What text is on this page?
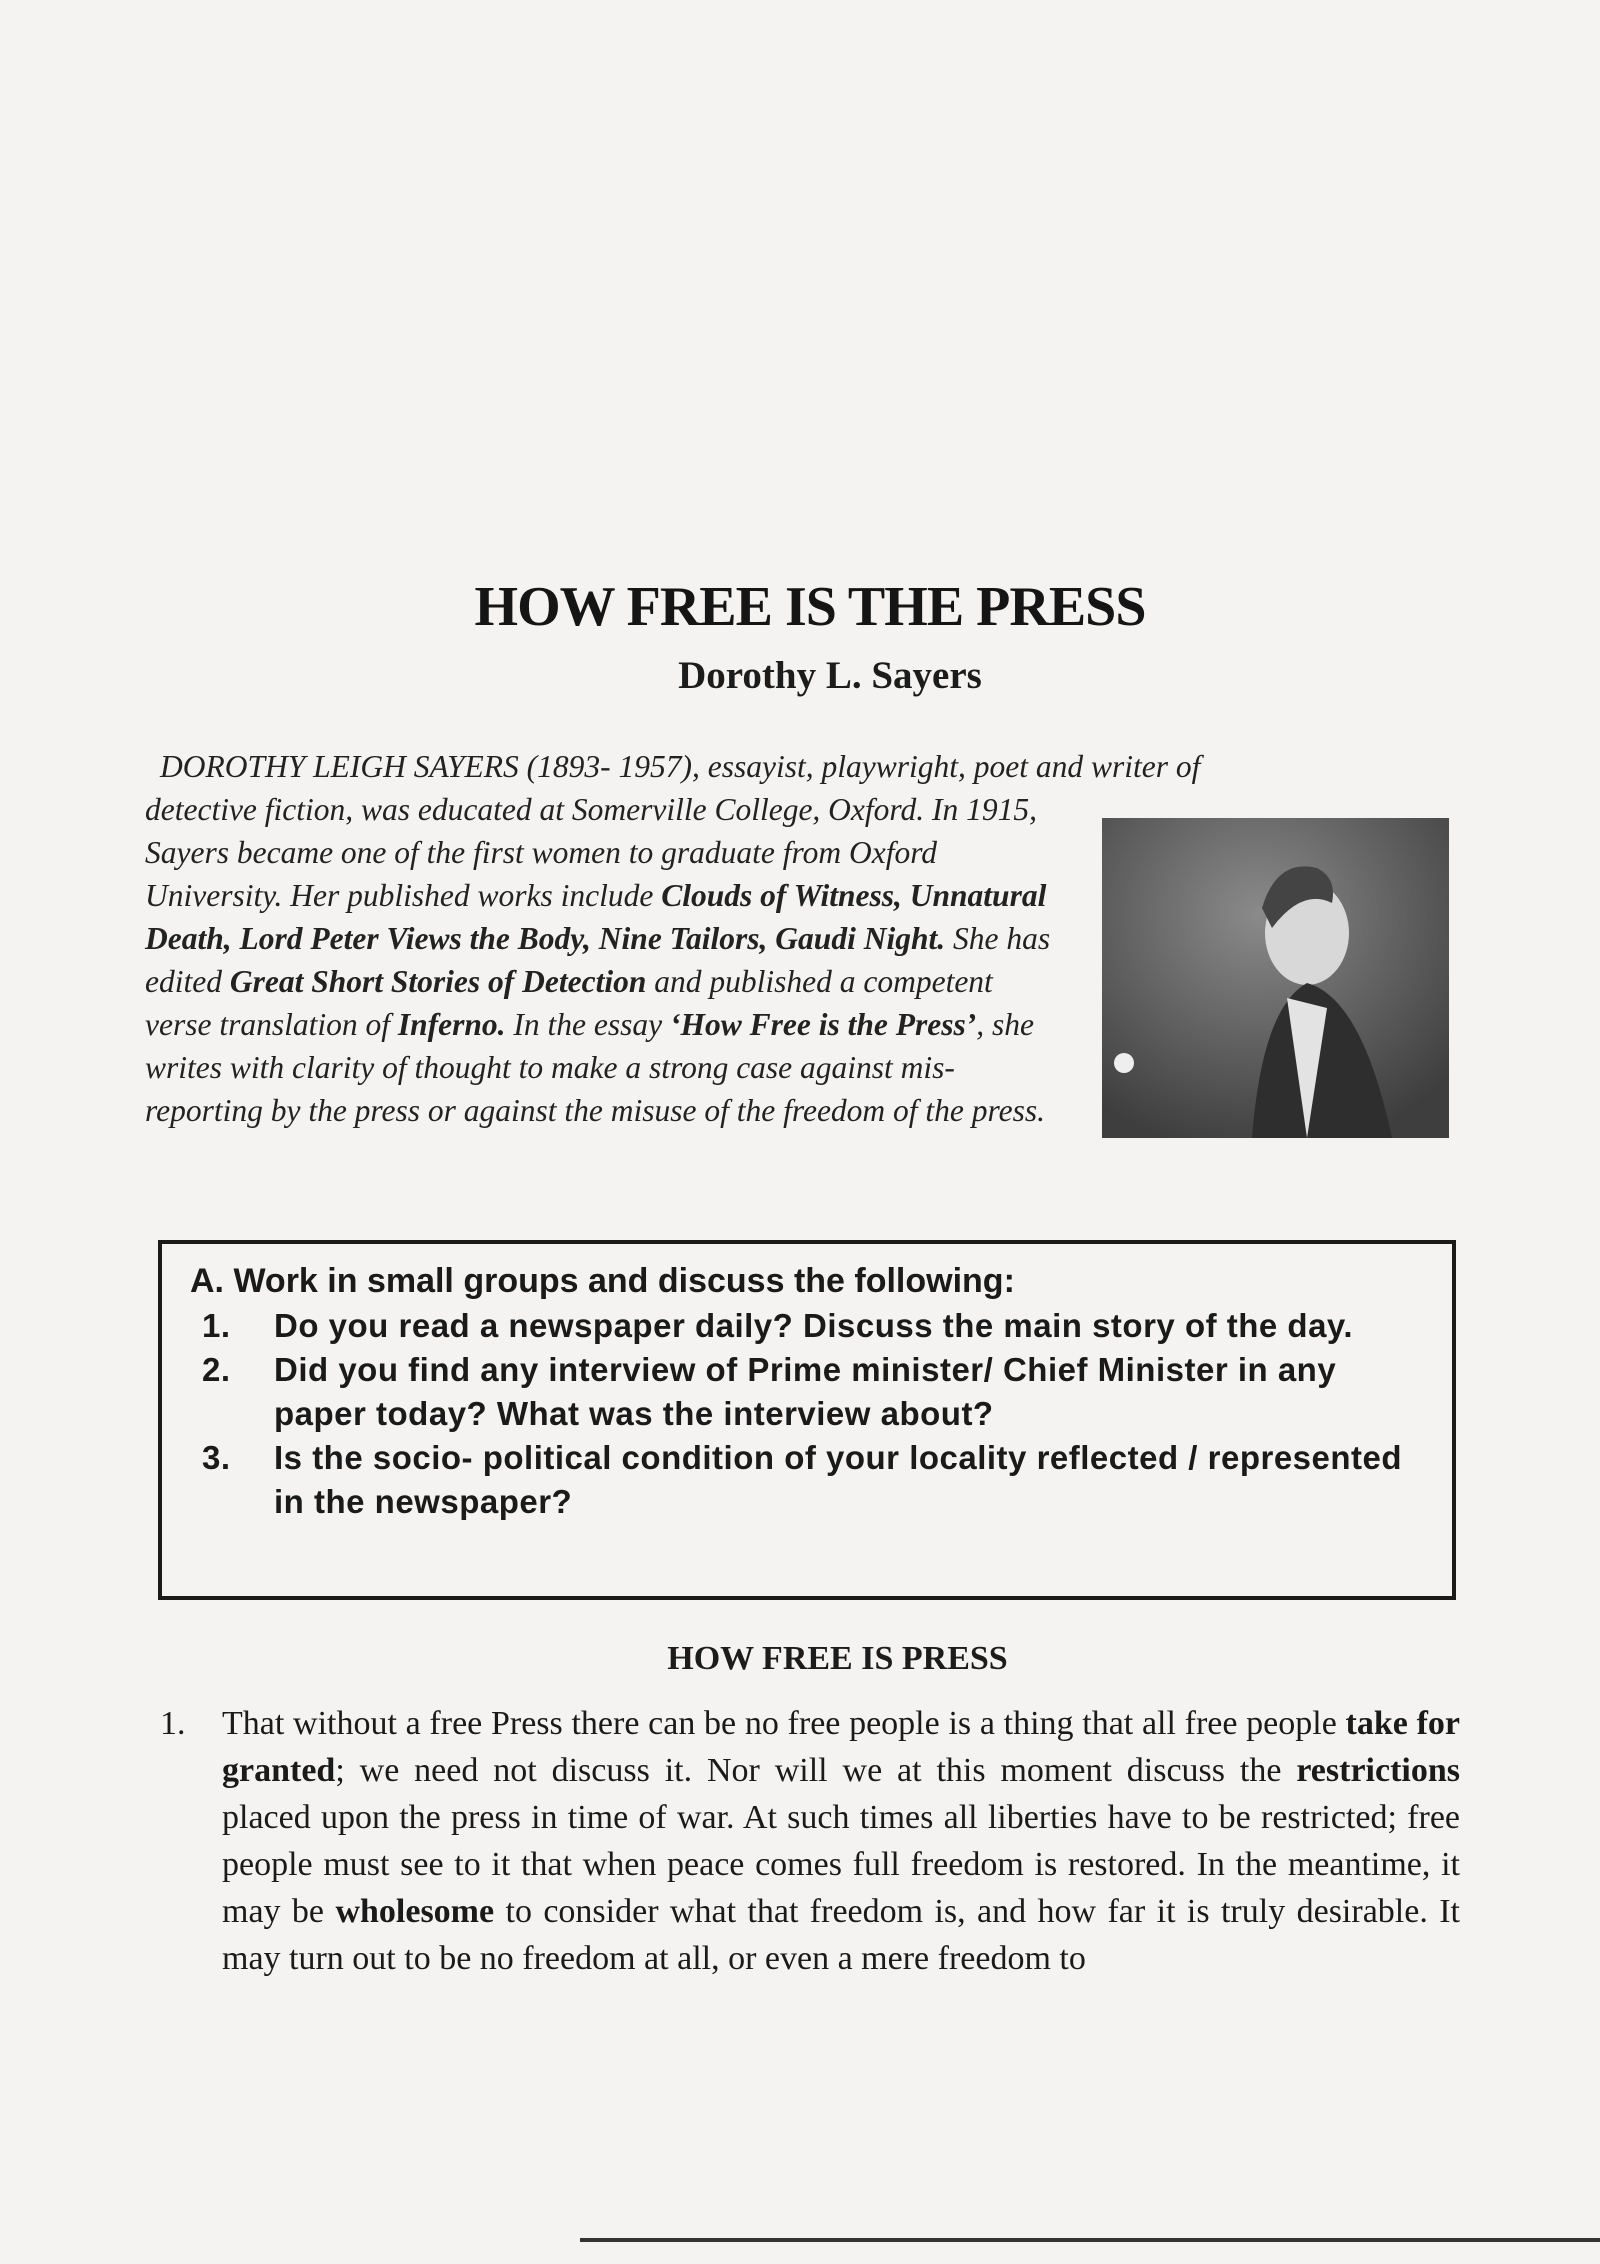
HOW FREE IS THE PRESS
Dorothy L. Sayers
DOROTHY LEIGH SAYERS (1893- 1957), essayist, playwright, poet and writer of
detective fiction, was educated at Somerville College, Oxford. In 1915, Sayers became one of the first women to graduate from Oxford University. Her published works include Clouds of Witness, Unnatural Death, Lord Peter Views the Body, Nine Tailors, Gaudi Night. She has edited Great Short Stories of Detection and published a competent verse translation of Inferno. In the essay ‘How Free is the Press’, she writes with clarity of thought to make a strong case against mis-reporting by the press or against the misuse of the freedom of the press.
A. Work in small groups and discuss the following:
1.	Do you read a newspaper daily? Discuss the main story of the day.
2.	Did you find any interview of Prime minister/ Chief Minister in any paper today? What was the interview about?
3.	Is the socio- political condition of your locality reflected / represented in the newspaper?
HOW FREE IS PRESS
1.	That without a free Press there can be no free people is a thing that all free people take for granted; we need not discuss it. Nor will we at this moment discuss the restrictions placed upon the press in time of war. At such times all liberties have to be restricted; free people must see to it that when peace comes full freedom is restored. In the meantime, it may be wholesome to consider what that freedom is, and how far it is truly desirable. It may turn out to be no freedom at all, or even a mere freedom to
